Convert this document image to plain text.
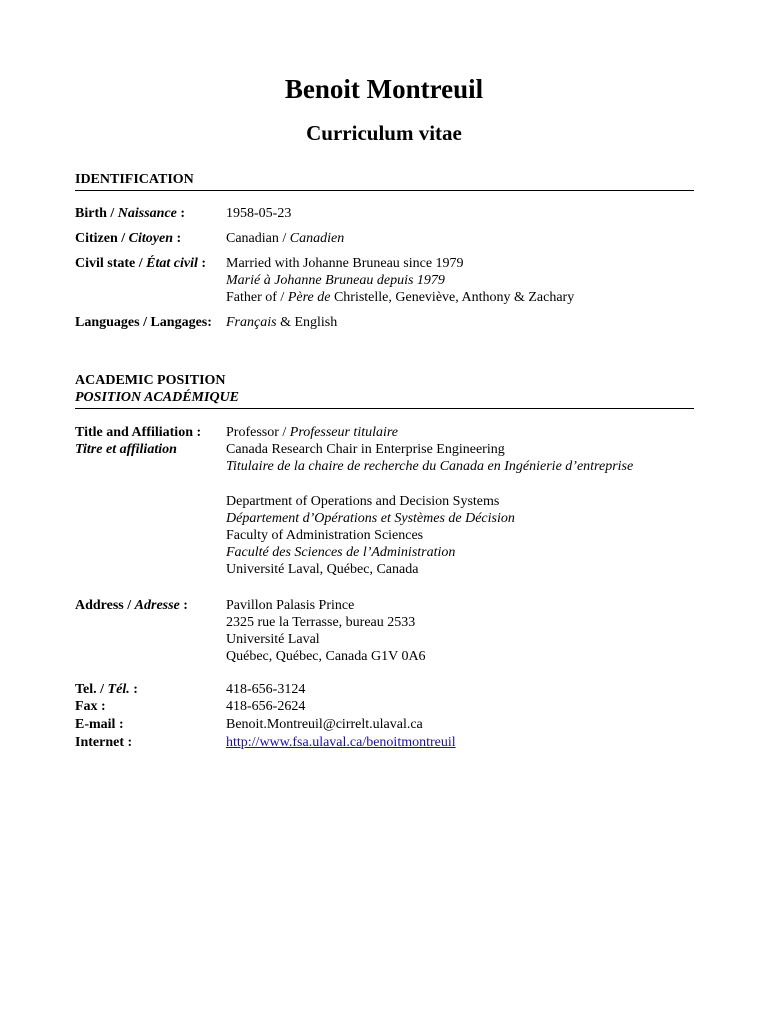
Benoit Montreuil
Curriculum vitae
IDENTIFICATION
Birth / Naissance :	1958-05-23
Citizen / Citoyen :	Canadian / Canadien
Civil state / État civil : Married with Johanne Bruneau since 1979
Marié à Johanne Bruneau depuis 1979
Father of / Père de Christelle, Geneviève, Anthony & Zachary
Languages / Langages: Français & English
ACADEMIC POSITION
POSITION ACADÉMIQUE
Title and Affiliation :
Titre et affiliation
Professor / Professeur titulaire
Canada Research Chair in Enterprise Engineering
Titulaire de la chaire de recherche du Canada en Ingénierie d’entreprise
Department of Operations and Decision Systems
Département d’Opérations et Systèmes de Décision
Faculty of Administration Sciences
Faculté des Sciences de l’Administration
Université Laval, Québec, Canada
Address / Adresse :	Pavillon Palasis Prince
2325 rue la Terrasse, bureau 2533
Université Laval
Québec, Québec, Canada G1V 0A6
Tel. / Tél. :	418-656-3124
Fax :	418-656-2624
E-mail :	Benoit.Montreuil@cirrelt.ulaval.ca
Internet :	http://www.fsa.ulaval.ca/benoitmontreuil
